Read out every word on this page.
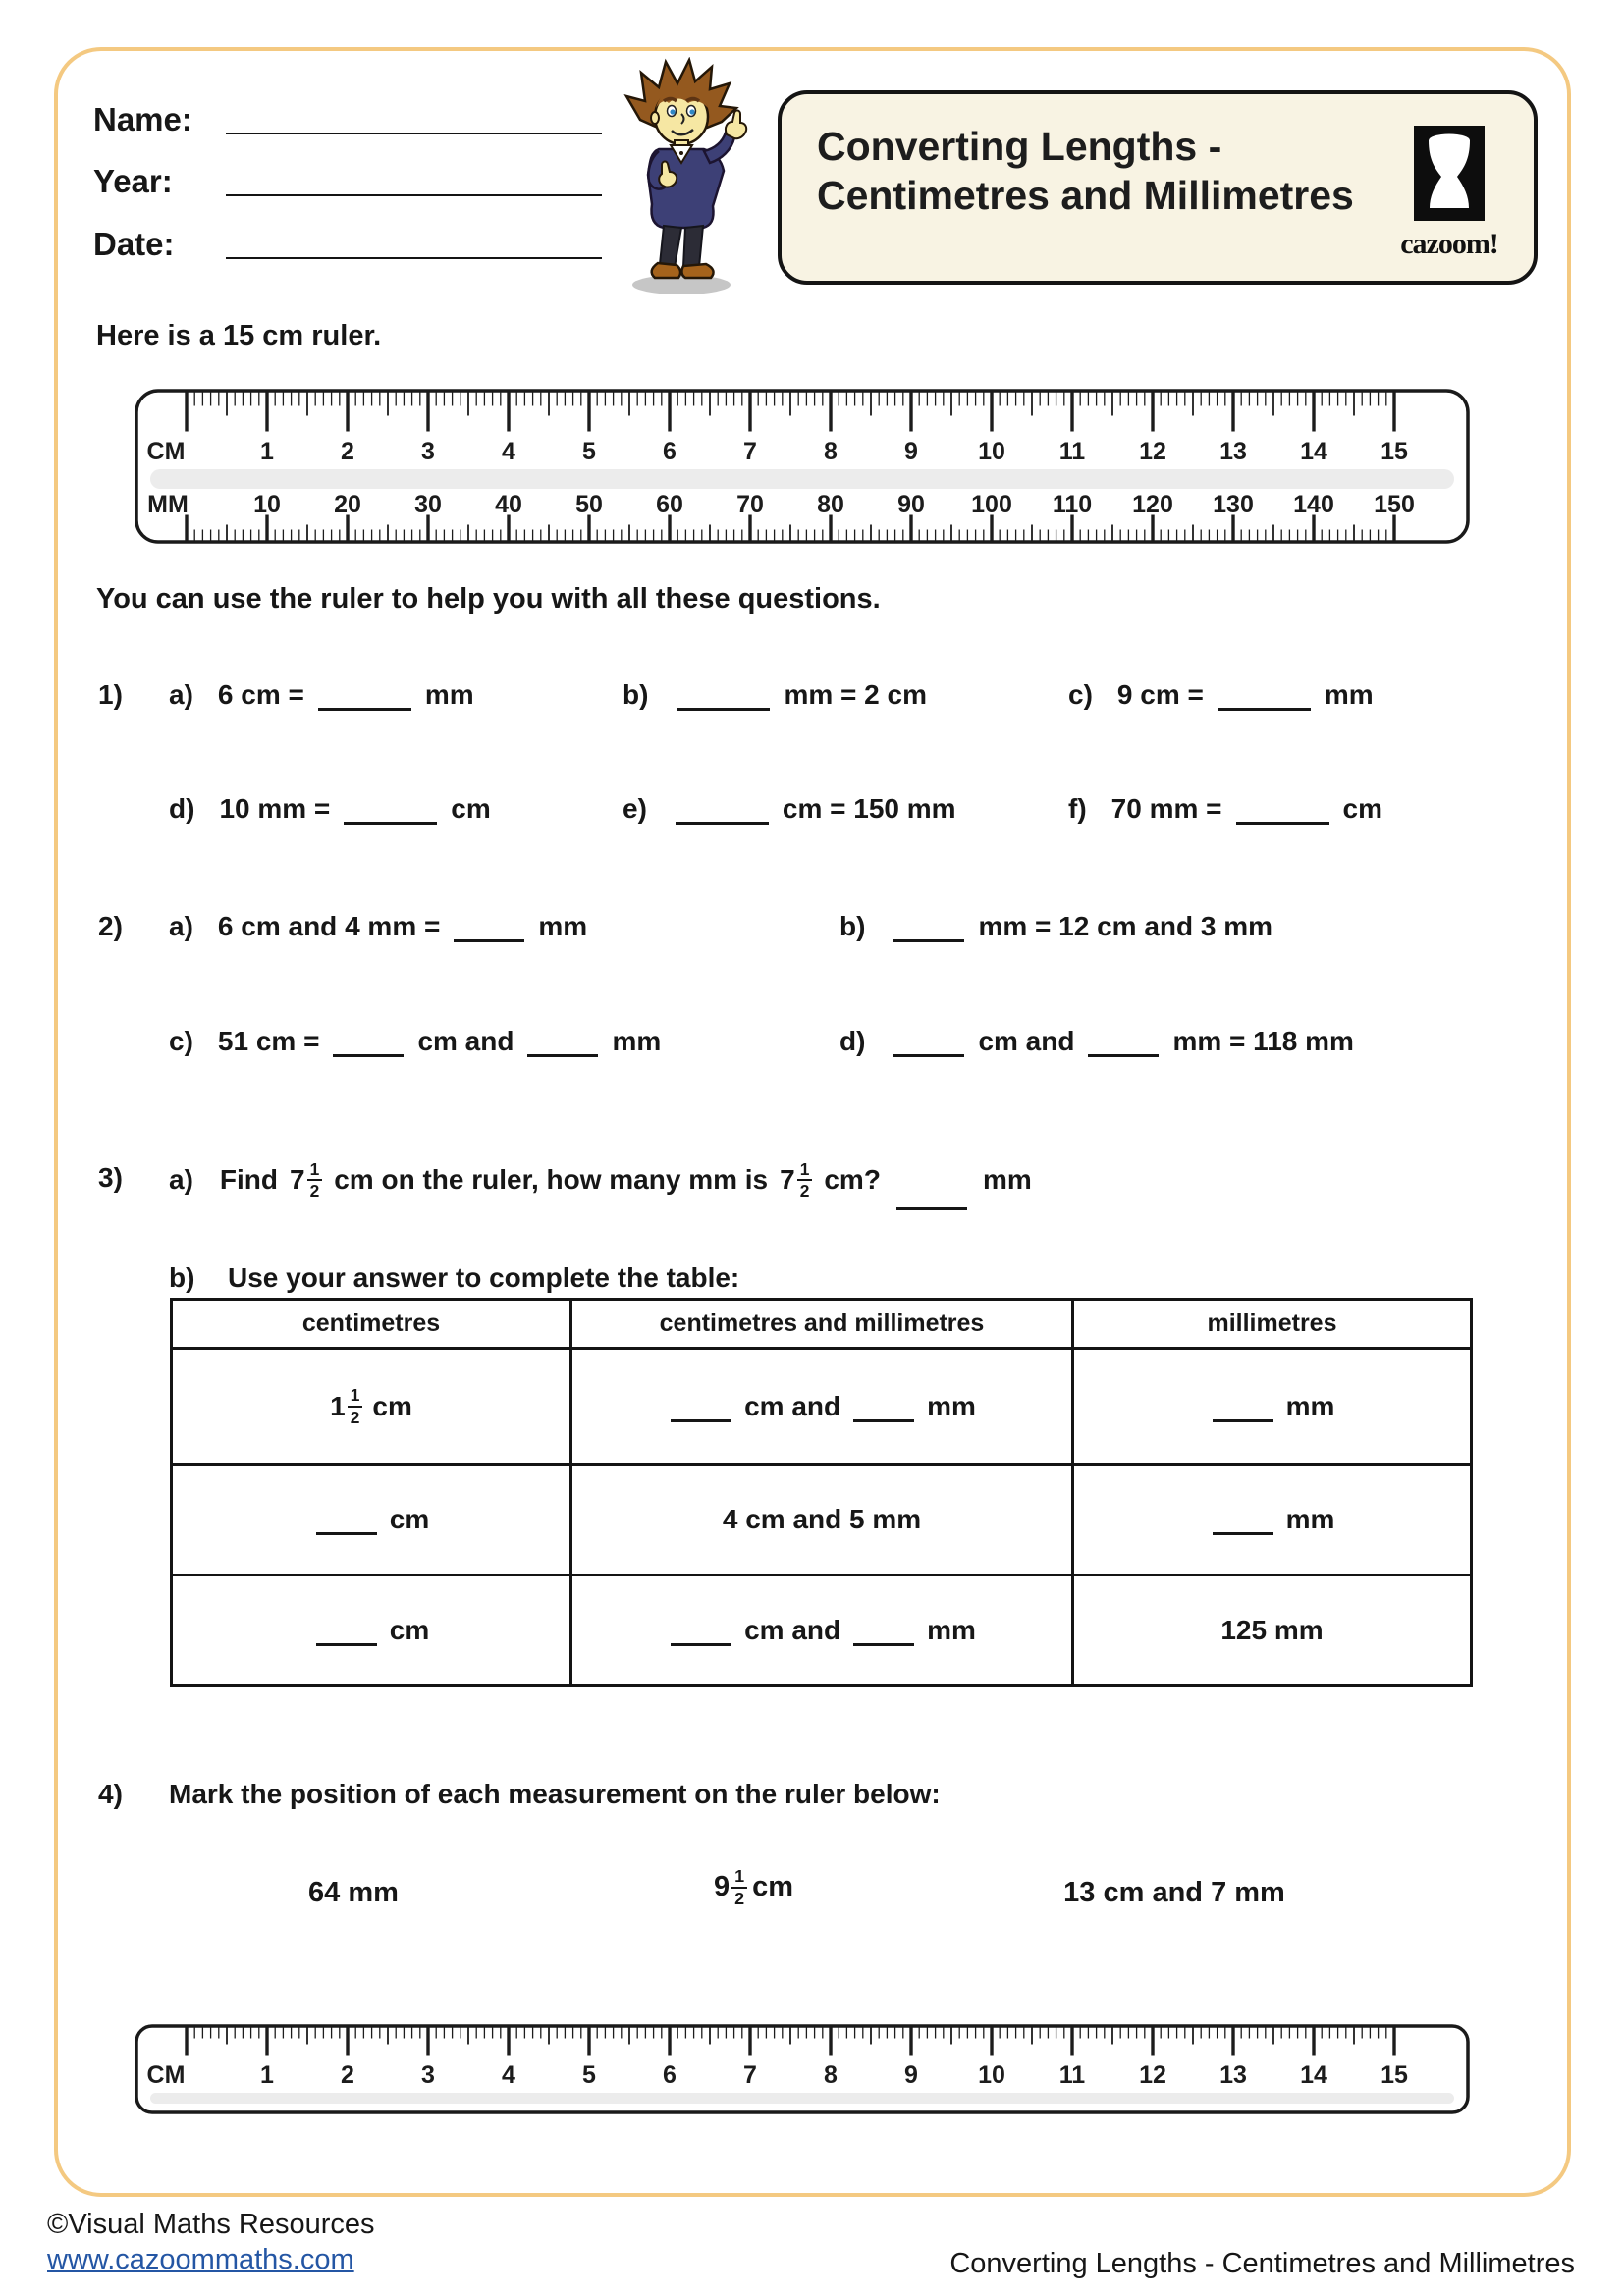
Name:
Year:
Date:
Converting Lengths -
Centimetres and Millimetres
cazoom!
Here is a 15 cm ruler.
CM	1	2	3	4	5	6	7	8	9 10 11 12 13 14 15
MM	10 20 30 40 50 60 70 80 90 100 110 120 130 140 150
You can use the ruler to help you with all these questions.
1) a) 6 cm =	mm	b)	mm = 2 cm	c) 9 cm =	mm
d) 10 mm =	cm	e)	cm = 150 mm	f) 70 mm =	cm
2) a) 6 cm and 4 mm =	mm	b)	mm = 12 cm and 3 mm
c) 51 cm =	cm and	mm	d)	cm and	mm = 118 mm
3) a) Find $7 \frac{1}{2}$ cm on the ruler, how many mm is $7 \frac{1}{2}$ cm?	mm
b) Use your answer to complete the table:
centimetres	centimetres and millimetres	millimetres

$1 \frac{1}{2}$ cm	cm and mm	mm
cm	4 cm and 5 mm	mm
cm	cm and mm	125 mm
4) Mark the position of each measurement on the ruler below:
64 mm	$9 \frac{1}{2}$ cm	13 cm and 7 mm
CM	1	2	3	4	5	6	7	8	9 10 11 12 13 14 15
©Visual Maths Resources
www.cazoommaths.com	Converting Lengths - Centimetres and Millimetres
